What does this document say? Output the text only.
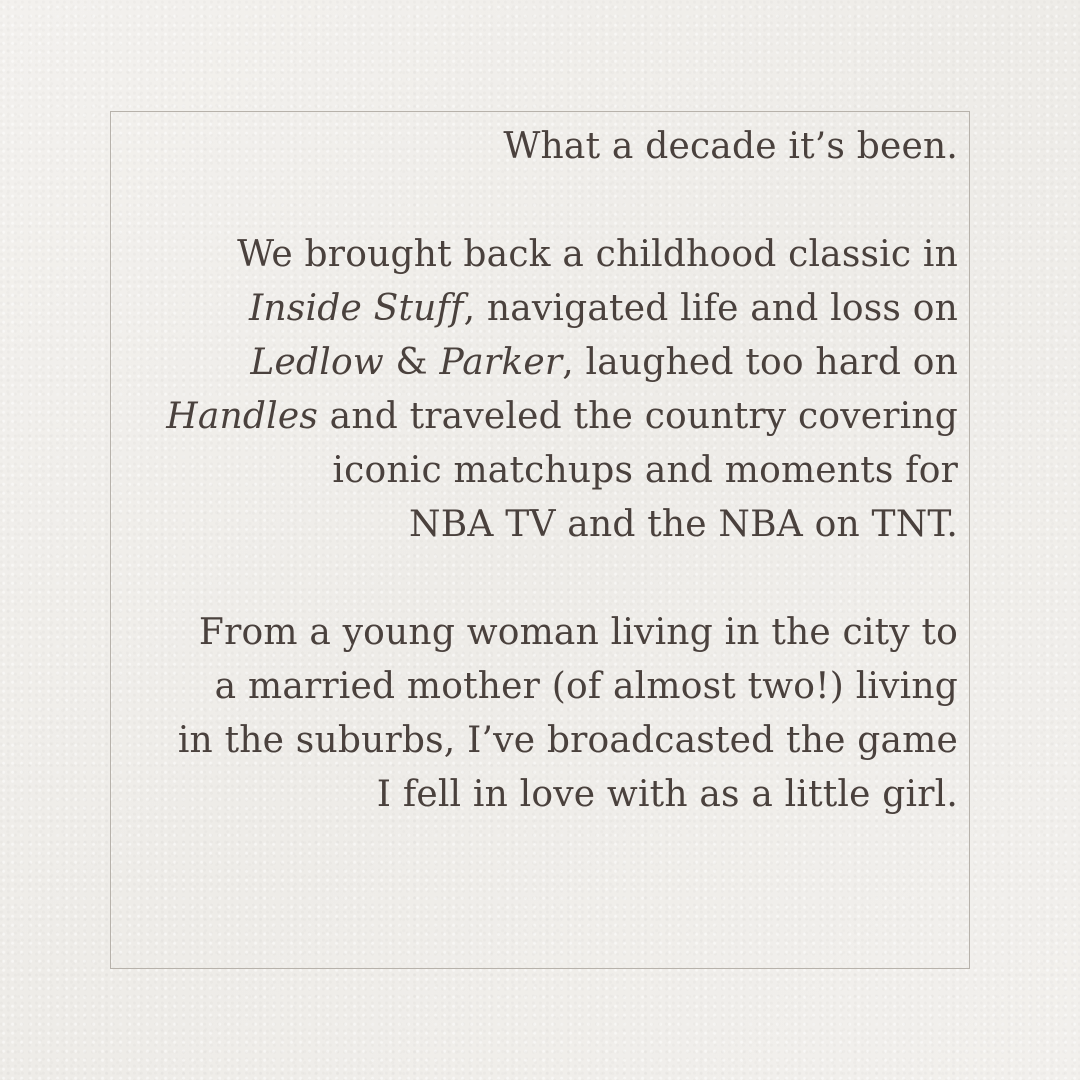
What a decade it’s been.
We brought back a childhood classic in
Inside Stuff, navigated life and loss on
Ledlow & Parker, laughed too hard on
Handles and traveled the country covering
iconic matchups and moments for
NBA TV and the NBA on TNT.
From a young woman living in the city to
a married mother (of almost two!) living
in the suburbs, I’ve broadcasted the game
I fell in love with as a little girl.
